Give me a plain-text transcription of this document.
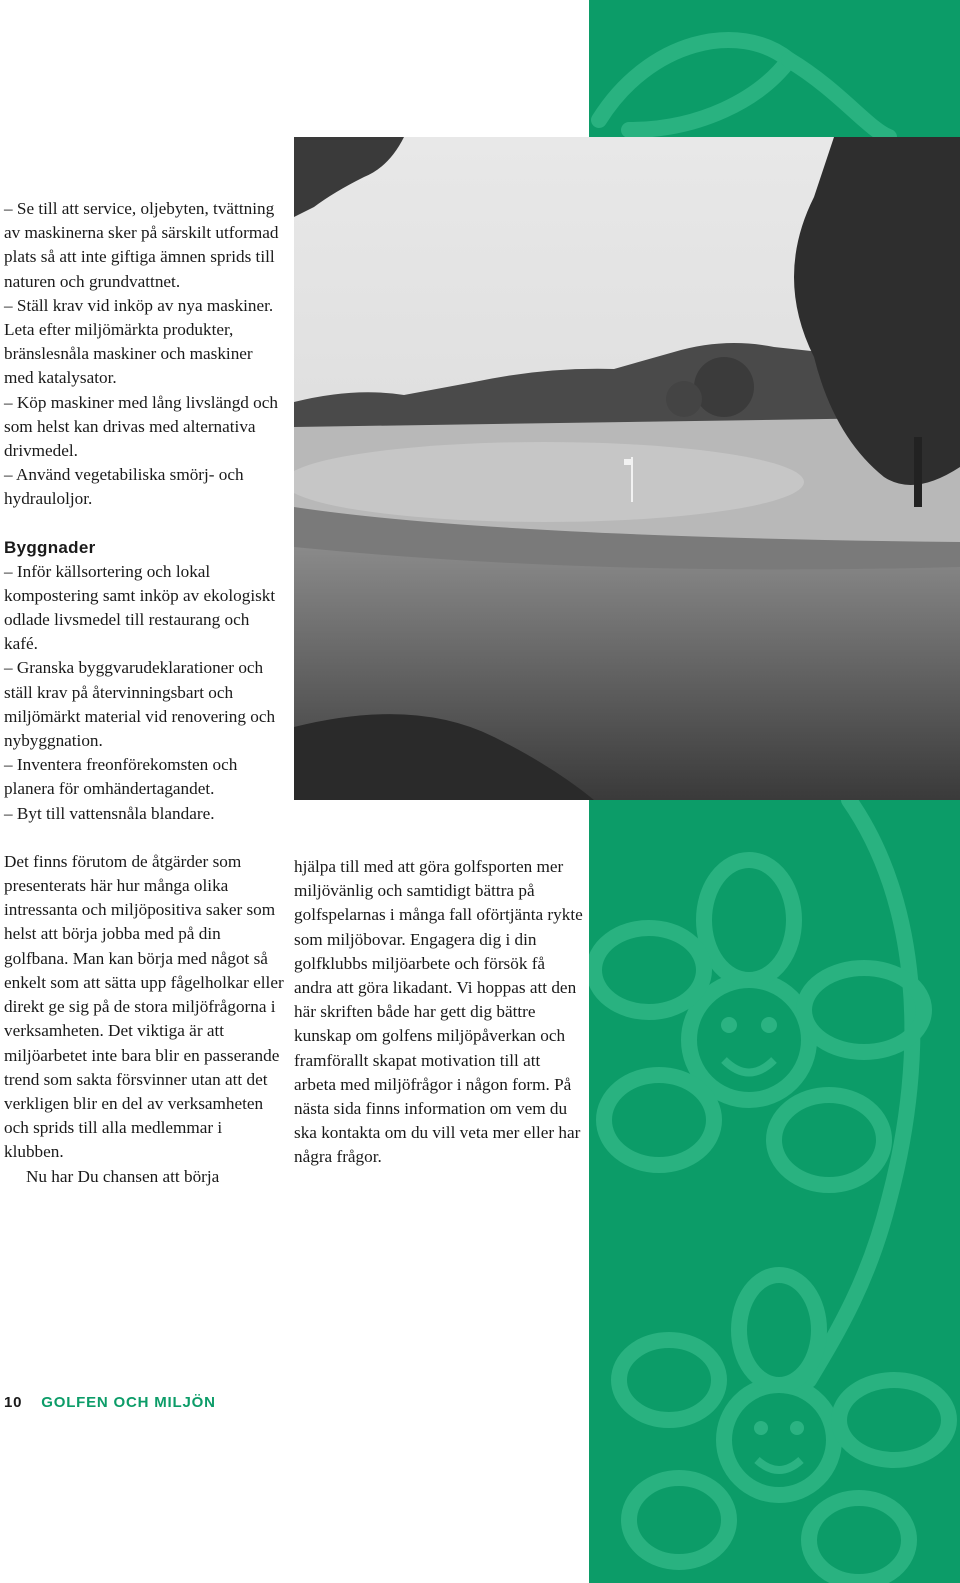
– Se till att service, oljebyten, tvättning av maskinerna sker på särskilt utformad plats så att inte giftiga ämnen sprids till naturen och grundvattnet.

– Ställ krav vid inköp av nya maskiner. Leta efter miljömärkta produkter, bränslesnåla maskiner och maskiner med katalysator.

– Köp maskiner med lång livslängd och som helst kan drivas med alternativa drivmedel.

– Använd vegetabiliska smörj- och hydrauloljor.

Byggnader

– Inför källsortering och lokal kompostering samt inköp av ekologiskt odlade livsmedel till restaurang och kafé.

– Granska byggvarudeklarationer och ställ krav på återvinningsbart och miljömärkt material vid renovering och nybyggnation.

– Inventera freonförekomsten och planera för omhändertagandet.

– Byt till vattensnåla blandare.

Det finns förutom de åtgärder som presenterats här hur många olika intressanta och miljöpositiva saker som helst att börja jobba med på din golfbana. Man kan börja med något så enkelt som att sätta upp fågelholkar eller direkt ge sig på de stora miljöfrågorna i verksamheten. Det viktiga är att miljöarbetet inte bara blir en passerande trend som sakta försvinner utan att det verkligen blir en del av verksamheten och sprids till alla medlemmar i klubben.

Nu har Du chansen att börja

hjälpa till med att göra golfsporten mer miljövänlig och samtidigt bättra på golfspelarnas i många fall oförtjänta rykte som miljöbovar. Engagera dig i din golfklubbs miljöarbete och försök få andra att göra likadant. Vi hoppas att den här skriften både har gett dig bättre kunskap om golfens miljöpåverkan och framförallt skapat motivation till att arbeta med miljöfrågor i någon form. På nästa sida finns information om vem du ska kontakta om du vill veta mer eller har några frågor.

10 GOLFEN OCH MILJÖN
